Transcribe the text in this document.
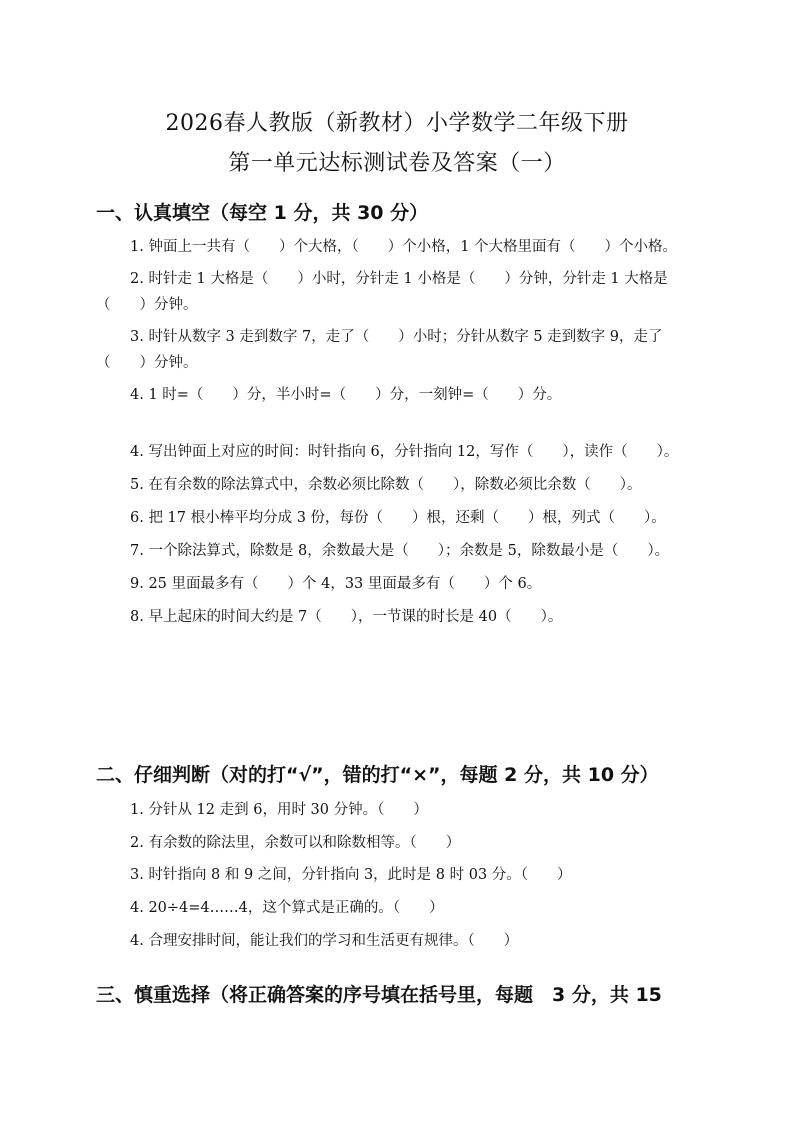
2026春人教版（新教材）小学数学二年级下册
第一单元达标测试卷及答案（一）
一、认真填空（每空 1 分，共 30 分）

1. 钟面上一共有（　　）个大格，（　　）个小格，1 个大格里面有（　　）个小格。

2. 时针走 1 大格是（　　）小时，分针走 1 小格是（　　）分钟，分针走 1 大格是（　　）分钟。

3. 时针从数字 3 走到数字 7，走了（　　）小时；分针从数字 5 走到数字 9，走了（　　）分钟。

4. 1 时=（　　）分，半小时=（　　）分，一刻钟=（　　）分。

4. 写出钟面上对应的时间：时针指向 6，分针指向 12，写作（　　），读作（　　）。

5. 在有余数的除法算式中，余数必须比除数（　　），除数必须比余数（　　）。

6. 把 17 根小棒平均分成 3 份，每份（　　）根，还剩（　　）根，列式（　　）。

7. 一个除法算式，除数是 8，余数最大是（　　）；余数是 5，除数最小是（　　）。

9. 25 里面最多有（　　）个 4，33 里面最多有（　　）个 6。

8. 早上起床的时间大约是 7（　　），一节课的时长是 40（　　）。

二、仔细判断（对的打“√”，错的打“×”，每题 2 分，共 10 分）
1. 分针从 12 走到 6，用时 30 分钟。（　　）
2. 有余数的除法里，余数可以和除数相等。（　　）
3. 时针指向 8 和 9 之间，分针指向 3，此时是 8 时 03 分。（　　）
4. 20÷4=4……4，这个算式是正确的。（　　）
4. 合理安排时间，能让我们的学习和生活更有规律。（　　）
三、慎重选择（将正确答案的序号填在括号里，每题　3 分，共 15
